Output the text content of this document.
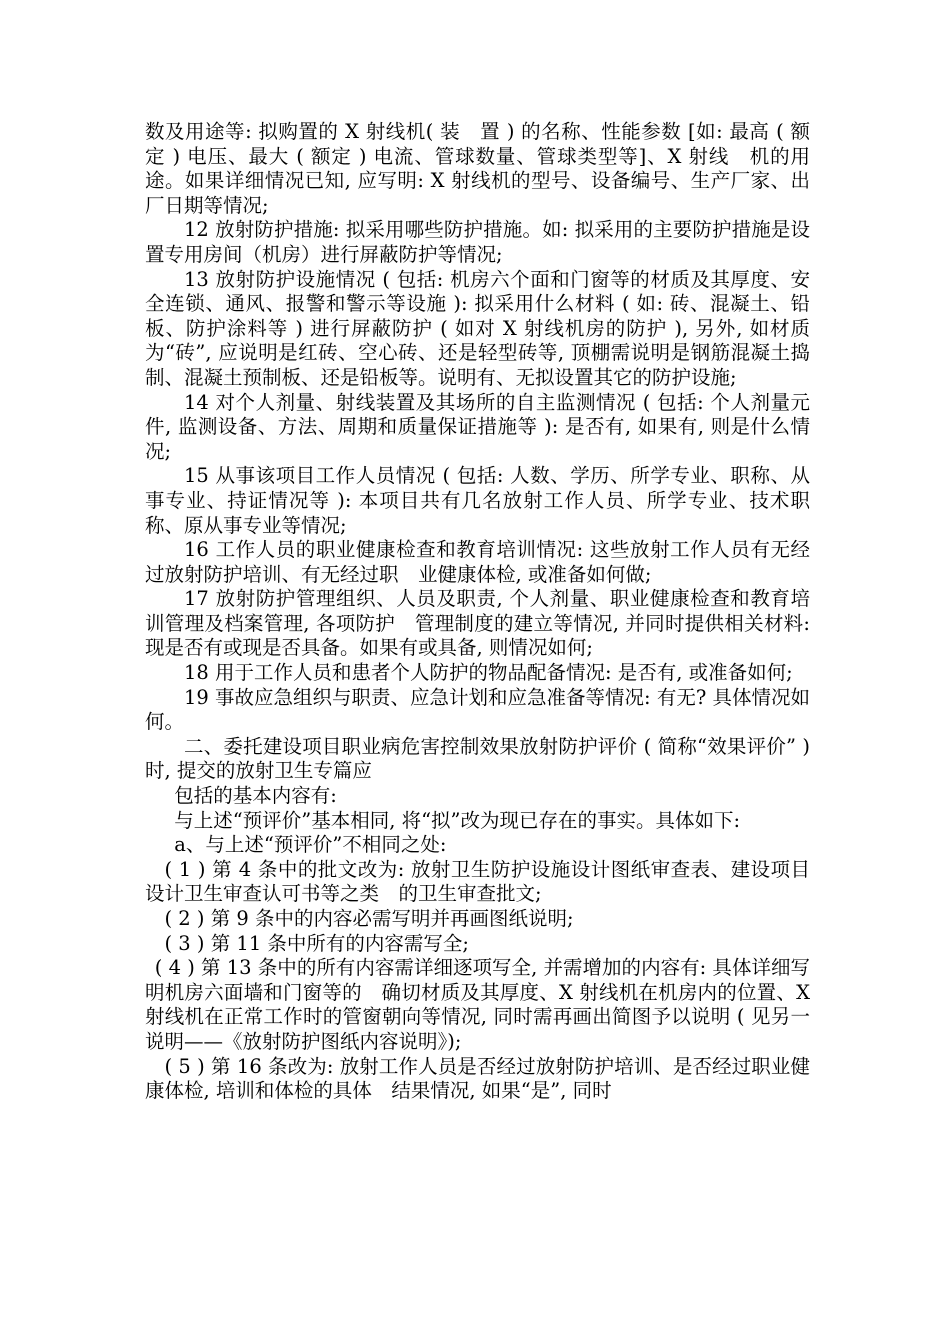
数及用途等: 拟购置的 X 射线机( 装　置 ) 的名称、性能参数 [如: 最高 ( 额定 ) 电压、最大 ( 额定 ) 电流、管球数量、管球类型等]、X 射线　机的用途。如果详细情况已知, 应写明: X 射线机的型号、设备编号、生产厂家、出厂日期等情况;

12 放射防护措施: 拟采用哪些防护措施。如: 拟采用的主要防护措施是设置专用房间（机房）进行屏蔽防护等情况;

13 放射防护设施情况 ( 包括: 机房六个面和门窗等的材质及其厚度、安全连锁、通风、报警和警示等设施 ): 拟采用什么材料 ( 如: 砖、混凝土、铅板、防护涂料等 ) 进行屏蔽防护 ( 如对 X 射线机房的防护 ), 另外, 如材质为“砖”, 应说明是红砖、空心砖、还是轻型砖等, 顶棚需说明是钢筋混凝土捣制、混凝土预制板、还是铅板等。说明有、无拟设置其它的防护设施;

14 对个人剂量、射线装置及其场所的自主监测情况 ( 包括: 个人剂量元件, 监测设备、方法、周期和质量保证措施等 ): 是否有, 如果有, 则是什么情况;

15 从事该项目工作人员情况 ( 包括: 人数、学历、所学专业、职称、从事专业、持证情况等 ): 本项目共有几名放射工作人员、所学专业、技术职称、原从事专业等情况;

16 工作人员的职业健康检查和教育培训情况: 这些放射工作人员有无经过放射防护培训、有无经过职　业健康体检, 或准备如何做;

17 放射防护管理组织、人员及职责, 个人剂量、职业健康检查和教育培训管理及档案管理, 各项防护　管理制度的建立等情况, 并同时提供相关材料: 现是否有或现是否具备。如果有或具备, 则情况如何;

18 用于工作人员和患者个人防护的物品配备情况: 是否有, 或准备如何;

19 事故应急组织与职责、应急计划和应急准备等情况: 有无? 具体情况如何。

二、委托建设项目职业病危害控制效果放射防护评价 ( 简称“效果评价” ) 时, 提交的放射卫生专篇应

包括的基本内容有:

与上述“预评价”基本相同, 将“拟”改为现已存在的事实。具体如下:

a、与上述“预评价”不相同之处:

( 1 ) 第 4 条中的批文改为: 放射卫生防护设施设计图纸审查表、建设项目设计卫生审查认可书等之类　的卫生审查批文;

( 2 ) 第 9 条中的内容必需写明并再画图纸说明;

( 3 ) 第 11 条中所有的内容需写全;

( 4 ) 第 13 条中的所有内容需详细逐项写全, 并需增加的内容有: 具体详细写明机房六面墙和门窗等的　确切材质及其厚度、X 射线机在机房内的位置、X 射线机在正常工作时的管窗朝向等情况, 同时需再画出简图予以说明 ( 见另一说明——《放射防护图纸内容说明》);

( 5 ) 第 16 条改为: 放射工作人员是否经过放射防护培训、是否经过职业健康体检, 培训和体检的具体　结果情况, 如果“是”, 同时
